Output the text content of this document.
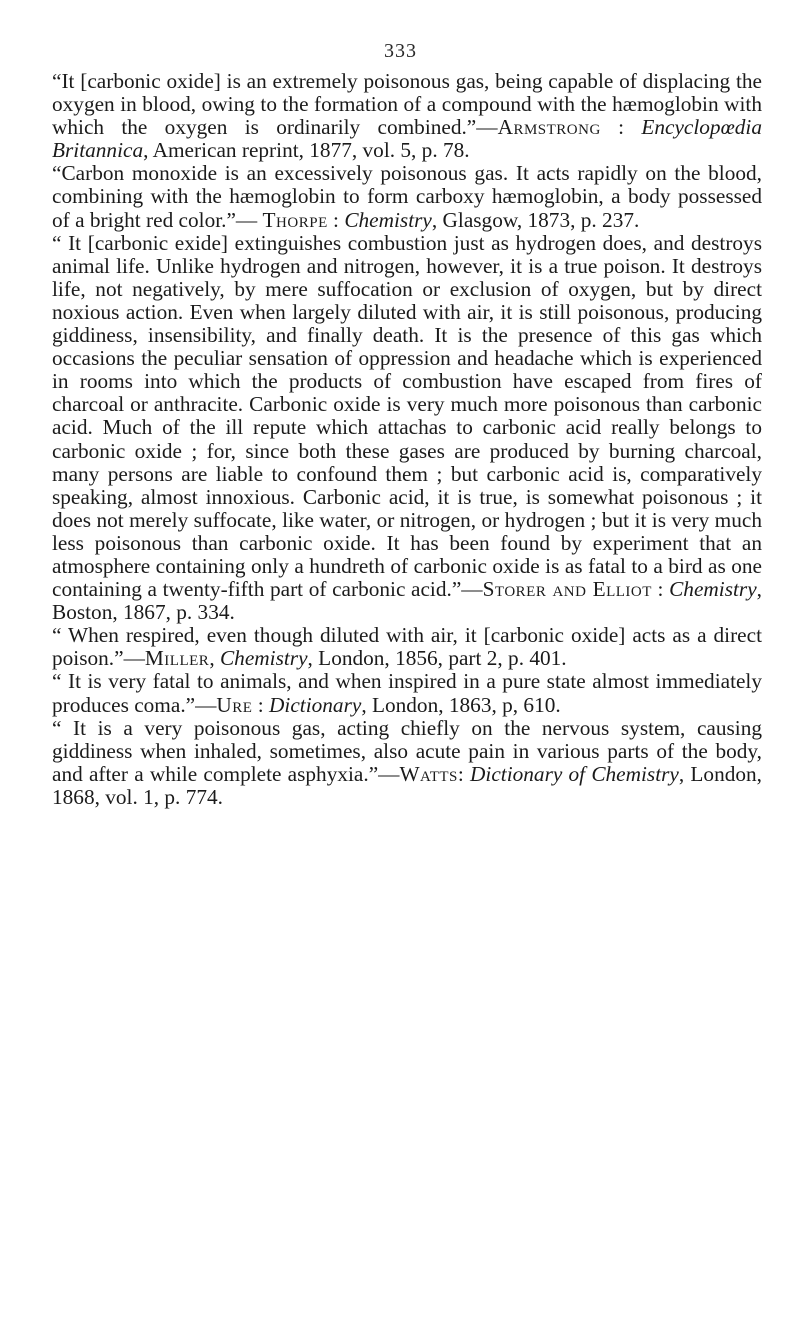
333

“It [carbonic oxide] is an extremely poisonous gas, being capable of displacing the oxygen in blood, owing to the formation of a compound with the hæmoglobin with which the oxygen is ordinarily combined.”—Armstrong : Encyclopœdia Britannica, American reprint, 1877, vol. 5, p. 78.

“Carbon monoxide is an excessively poisonous gas. It acts rapidly on the blood, combining with the hæmoglobin to form carboxy hæmoglobin, a body possessed of a bright red color.”— Thorpe : Chemistry, Glasgow, 1873, p. 237.

“ It [carbonic exide] extinguishes combustion just as hydrogen does, and destroys animal life. Unlike hydrogen and nitrogen, however, it is a true poison. It destroys life, not negatively, by mere suffocation or exclusion of oxygen, but by direct noxious action. Even when largely diluted with air, it is still poisonous, producing giddiness, insensibility, and finally death. It is the presence of this gas which occasions the peculiar sensation of oppression and headache which is experienced in rooms into which the products of combustion have escaped from fires of charcoal or anthracite. Carbonic oxide is very much more poisonous than carbonic acid. Much of the ill repute which attachas to carbonic acid really belongs to carbonic oxide ; for, since both these gases are produced by burning charcoal, many persons are liable to confound them ; but carbonic acid is, comparatively speaking, almost innoxious. Carbonic acid, it is true, is somewhat poisonous ; it does not merely suffocate, like water, or nitrogen, or hydrogen ; but it is very much less poisonous than carbonic oxide. It has been found by experiment that an atmosphere containing only a hundreth of carbonic oxide is as fatal to a bird as one containing a twenty-fifth part of carbonic acid.”—Storer and Elliot : Chemistry, Boston, 1867, p. 334.

“ When respired, even though diluted with air, it [carbonic oxide] acts as a direct poison.”—Miller, Chemistry, London, 1856, part 2, p. 401.

“ It is very fatal to animals, and when inspired in a pure state almost immediately produces coma.”—Ure : Dictionary, London, 1863, p, 610.

“ It is a very poisonous gas, acting chiefly on the nervous system, causing giddiness when inhaled, sometimes, also acute pain in various parts of the body, and after a while complete asphyxia.”—Watts: Dictionary of Chemistry, London, 1868, vol. 1, p. 774.
